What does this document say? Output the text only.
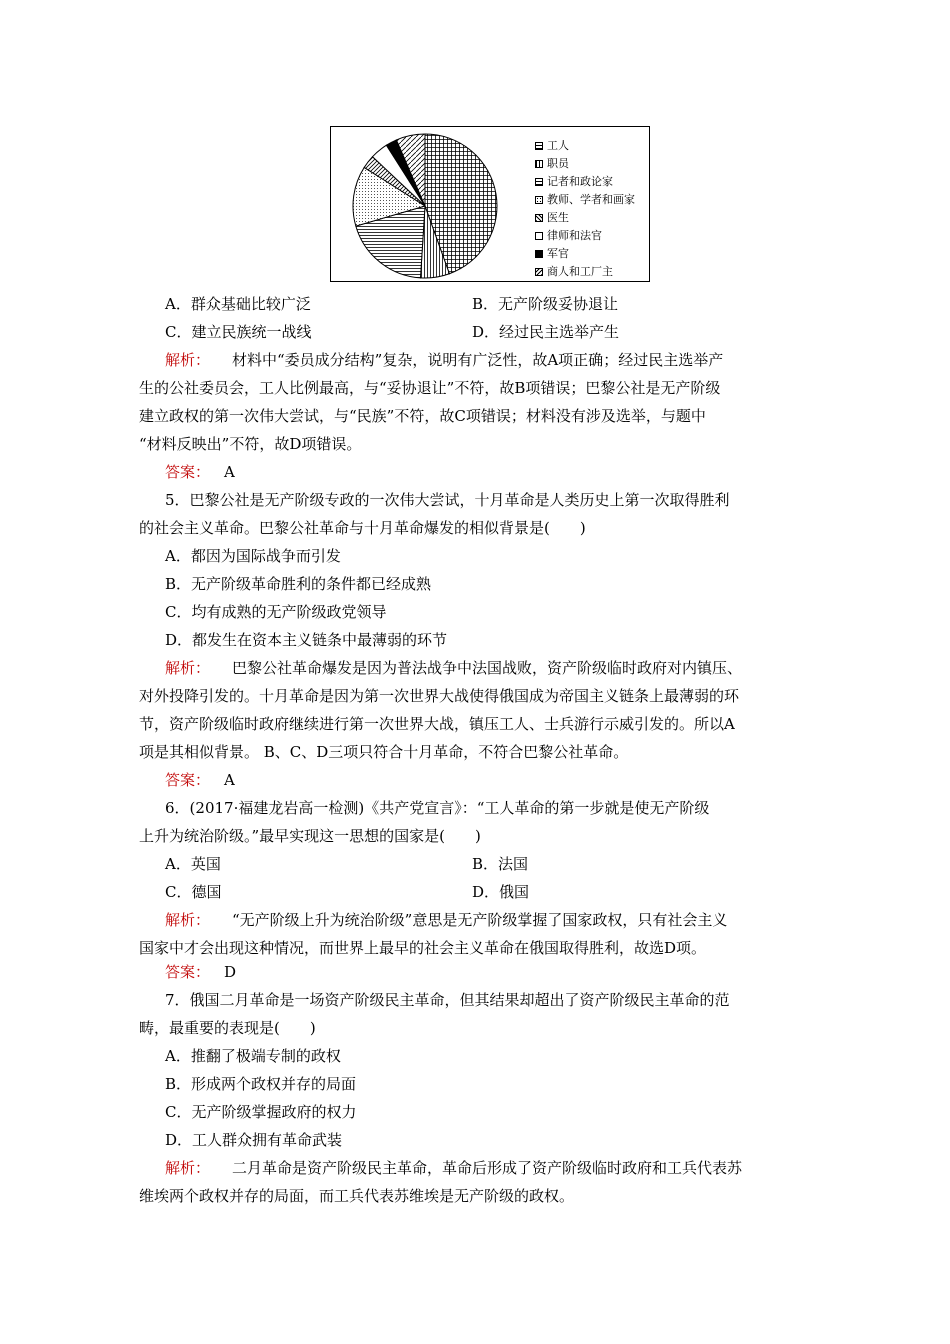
工人
职员
记者和政论家
教师、学者和画家
医生
律师和法官
军官
商人和工厂主
A．群众基础比较广泛	B．无产阶级妥协退让
C．建立民族统一战线	D．经过民主选举产生
解析： 材料中“委员成分结构”复杂，说明有广泛性，故A项正确；经过民主选举产
生的公社委员会，工人比例最高，与“妥协退让”不符，故B项错误；巴黎公社是无产阶级
建立政权的第一次伟大尝试，与“民族”不符，故C项错误；材料没有涉及选举，与题中
“材料反映出”不符，故D项错误。
答案： A
5．巴黎公社是无产阶级专政的一次伟大尝试，十月革命是人类历史上第一次取得胜利
的社会主义革命。巴黎公社革命与十月革命爆发的相似背景是(　　)
A．都因为国际战争而引发
B．无产阶级革命胜利的条件都已经成熟
C．均有成熟的无产阶级政党领导
D．都发生在资本主义链条中最薄弱的环节
解析： 巴黎公社革命爆发是因为普法战争中法国战败，资产阶级临时政府对内镇压、
对外投降引发的。十月革命是因为第一次世界大战使得俄国成为帝国主义链条上最薄弱的环
节，资产阶级临时政府继续进行第一次世界大战，镇压工人、士兵游行示威引发的。所以A
项是其相似背景。 B、C、D三项只符合十月革命，不符合巴黎公社革命。
答案： A
6．(2017·福建龙岩高一检测)《共产党宣言》：“工人革命的第一步就是使无产阶级
上升为统治阶级。”最早实现这一思想的国家是(　　)
A．英国	B．法国
C．德国	D．俄国
解析： “无产阶级上升为统治阶级”意思是无产阶级掌握了国家政权，只有社会主义
国家中才会出现这种情况，而世界上最早的社会主义革命在俄国取得胜利，故选D项。
答案： D
7．俄国二月革命是一场资产阶级民主革命，但其结果却超出了资产阶级民主革命的范
畴，最重要的表现是(　　)
A．推翻了极端专制的政权
B．形成两个政权并存的局面
C．无产阶级掌握政府的权力
D．工人群众拥有革命武装
解析： 二月革命是资产阶级民主革命，革命后形成了资产阶级临时政府和工兵代表苏
维埃两个政权并存的局面，而工兵代表苏维埃是无产阶级的政权。
